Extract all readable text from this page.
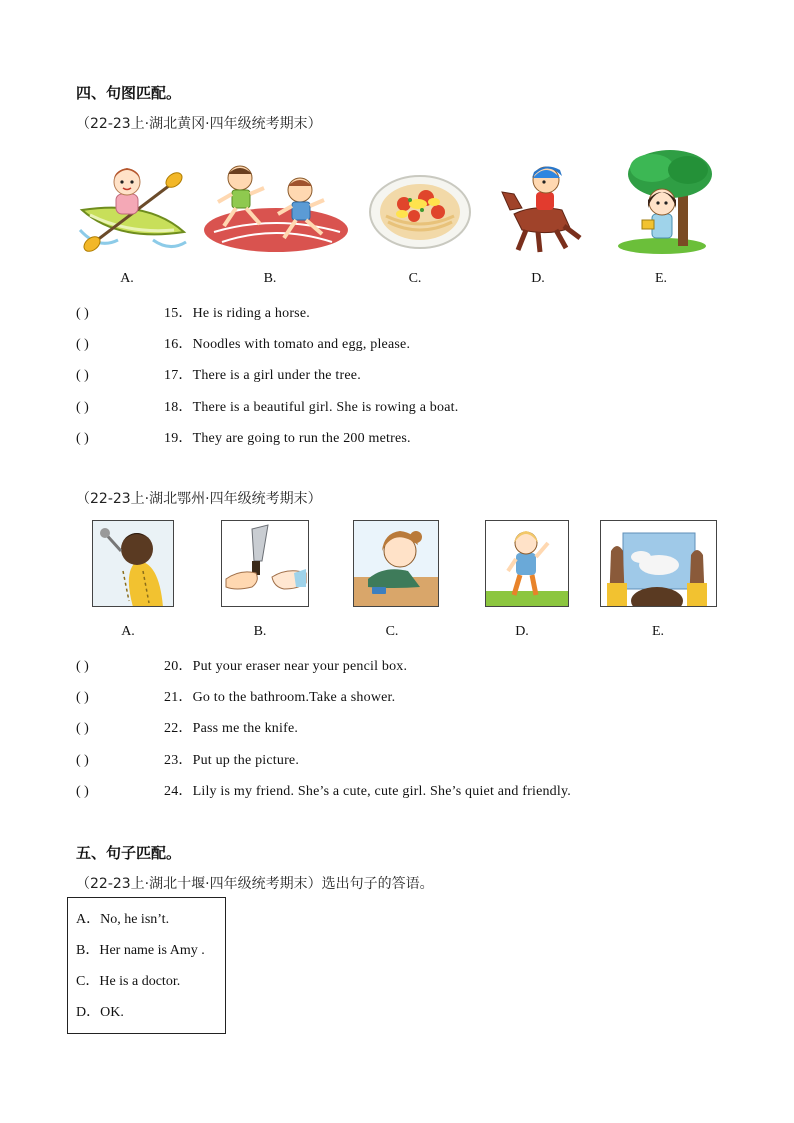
四、句图匹配。
（22-23上·湖北黄冈·四年级统考期末）
A.	B.	C.	D.	E.
( )	15．He is riding a horse.
( )	16．Noodles with tomato and egg, please.
( )	17．There is a girl under the tree.
( )	18．There is a beautiful girl. She is rowing a boat.
( )	19．They are going to run the 200 metres.
（22-23上·湖北鄂州·四年级统考期末）
A.	B.	C.	D.	E.
( )	20．Put your eraser near your pencil box.
( )	21．Go to the bathroom.Take a shower.
( )	22．Pass me the knife.
( )	23．Put up the picture.
( )	24．Lily is my friend. She’s a cute, cute girl. She’s quiet and friendly.
五、句子匹配。
（22-23上·湖北十堰·四年级统考期末）选出句子的答语。
A．No, he isn’t.
B．Her name is Amy .
C．He is a doctor.
D．OK.
